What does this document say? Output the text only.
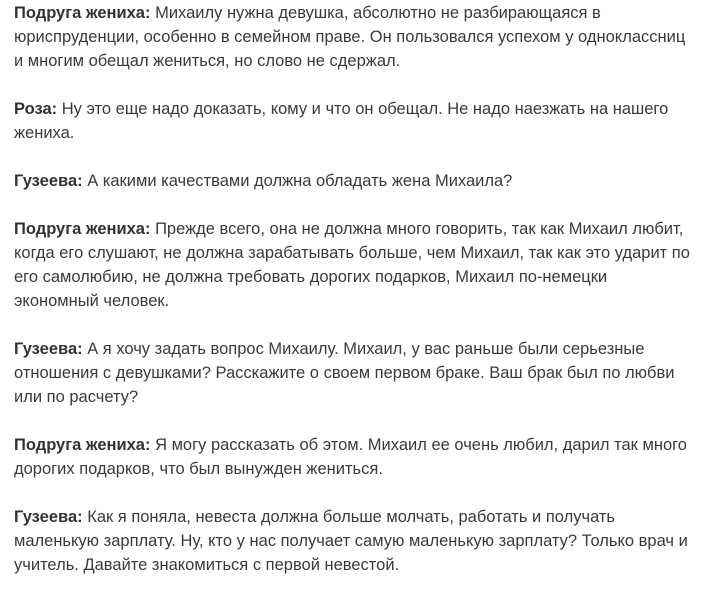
Подруга жениха: Михаилу нужна девушка, абсолютно не разбирающаяся в
юриспруденции, особенно в семейном праве. Он пользовался успехом у одноклассниц
и многим обещал жениться, но слово не сдержал.

Роза: Ну это еще надо доказать, кому и что он обещал. Не надо наезжать на нашего
жениха.

Гузеева: А какими качествами должна обладать жена Михаила?

Подруга жениха: Прежде всего, она не должна много говорить, так как Михаил любит,
когда его слушают, не должна зарабатывать больше, чем Михаил, так как это ударит по
его самолюбию, не должна требовать дорогих подарков, Михаил по-немецки
экономный человек.

Гузеева: А я хочу задать вопрос Михаилу. Михаил, у вас раньше были серьезные
отношения с девушками? Расскажите о своем первом браке. Ваш брак был по любви
или по расчету?

Подруга жениха: Я могу рассказать об этом. Михаил ее очень любил, дарил так много
дорогих подарков, что был вынужден жениться.

Гузеева: Как я поняла, невеста должна больше молчать, работать и получать
маленькую зарплату. Ну, кто у нас получает самую маленькую зарплату? Только врач и
учитель. Давайте знакомиться с первой невестой.
